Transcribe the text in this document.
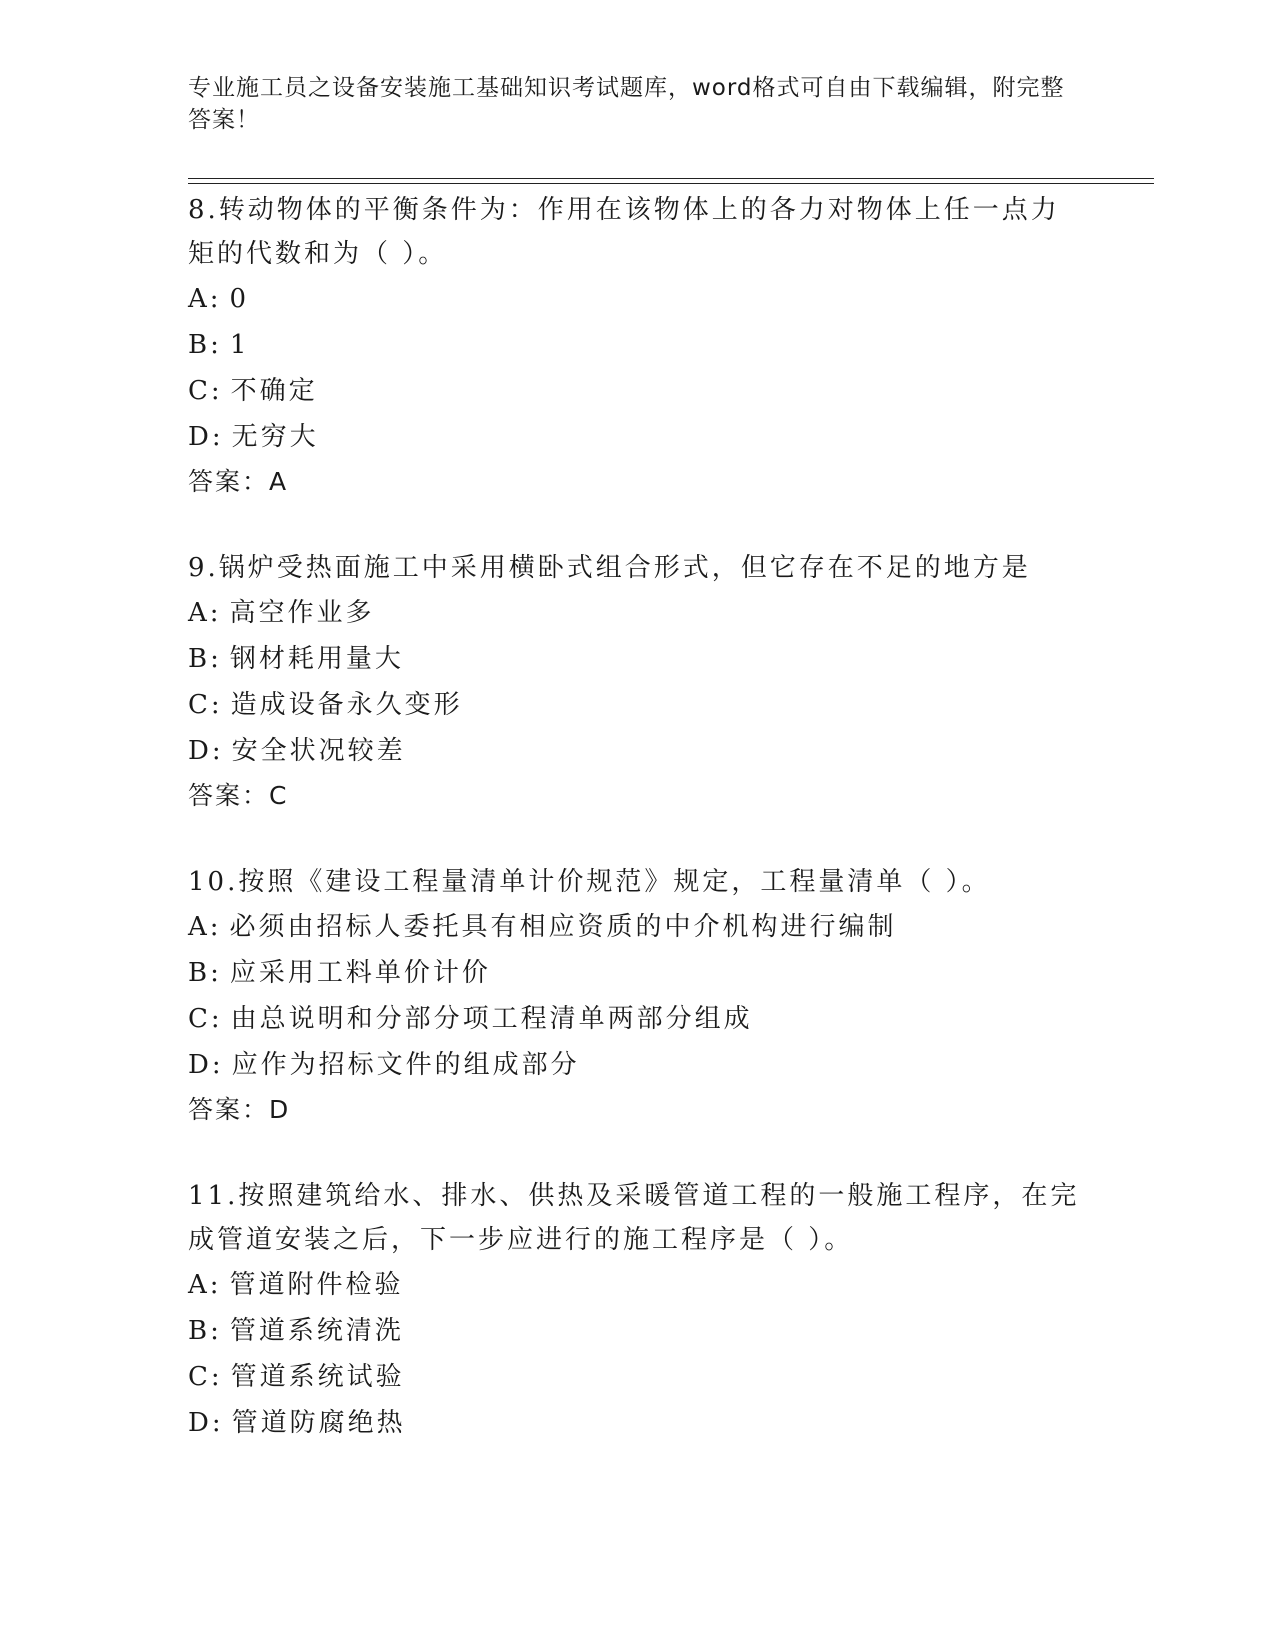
专业施工员之设备安装施工基础知识考试题库，word格式可自由下载编辑，附完整答案！
8.转动物体的平衡条件为：作用在该物体上的各力对物体上任一点力矩的代数和为（ ）。
A: 0
B: 1
C: 不确定
D: 无穷大
答案：A
9.锅炉受热面施工中采用横卧式组合形式，但它存在不足的地方是
A: 高空作业多
B: 钢材耗用量大
C: 造成设备永久变形
D: 安全状况较差
答案：C
10.按照《建设工程量清单计价规范》规定，工程量清单（ ）。
A: 必须由招标人委托具有相应资质的中介机构进行编制
B: 应采用工料单价计价
C: 由总说明和分部分项工程清单两部分组成
D: 应作为招标文件的组成部分
答案：D
11.按照建筑给水、排水、供热及采暖管道工程的一般施工程序，在完成管道安装之后，下一步应进行的施工程序是（ ）。
A: 管道附件检验
B: 管道系统清洗
C: 管道系统试验
D: 管道防腐绝热
